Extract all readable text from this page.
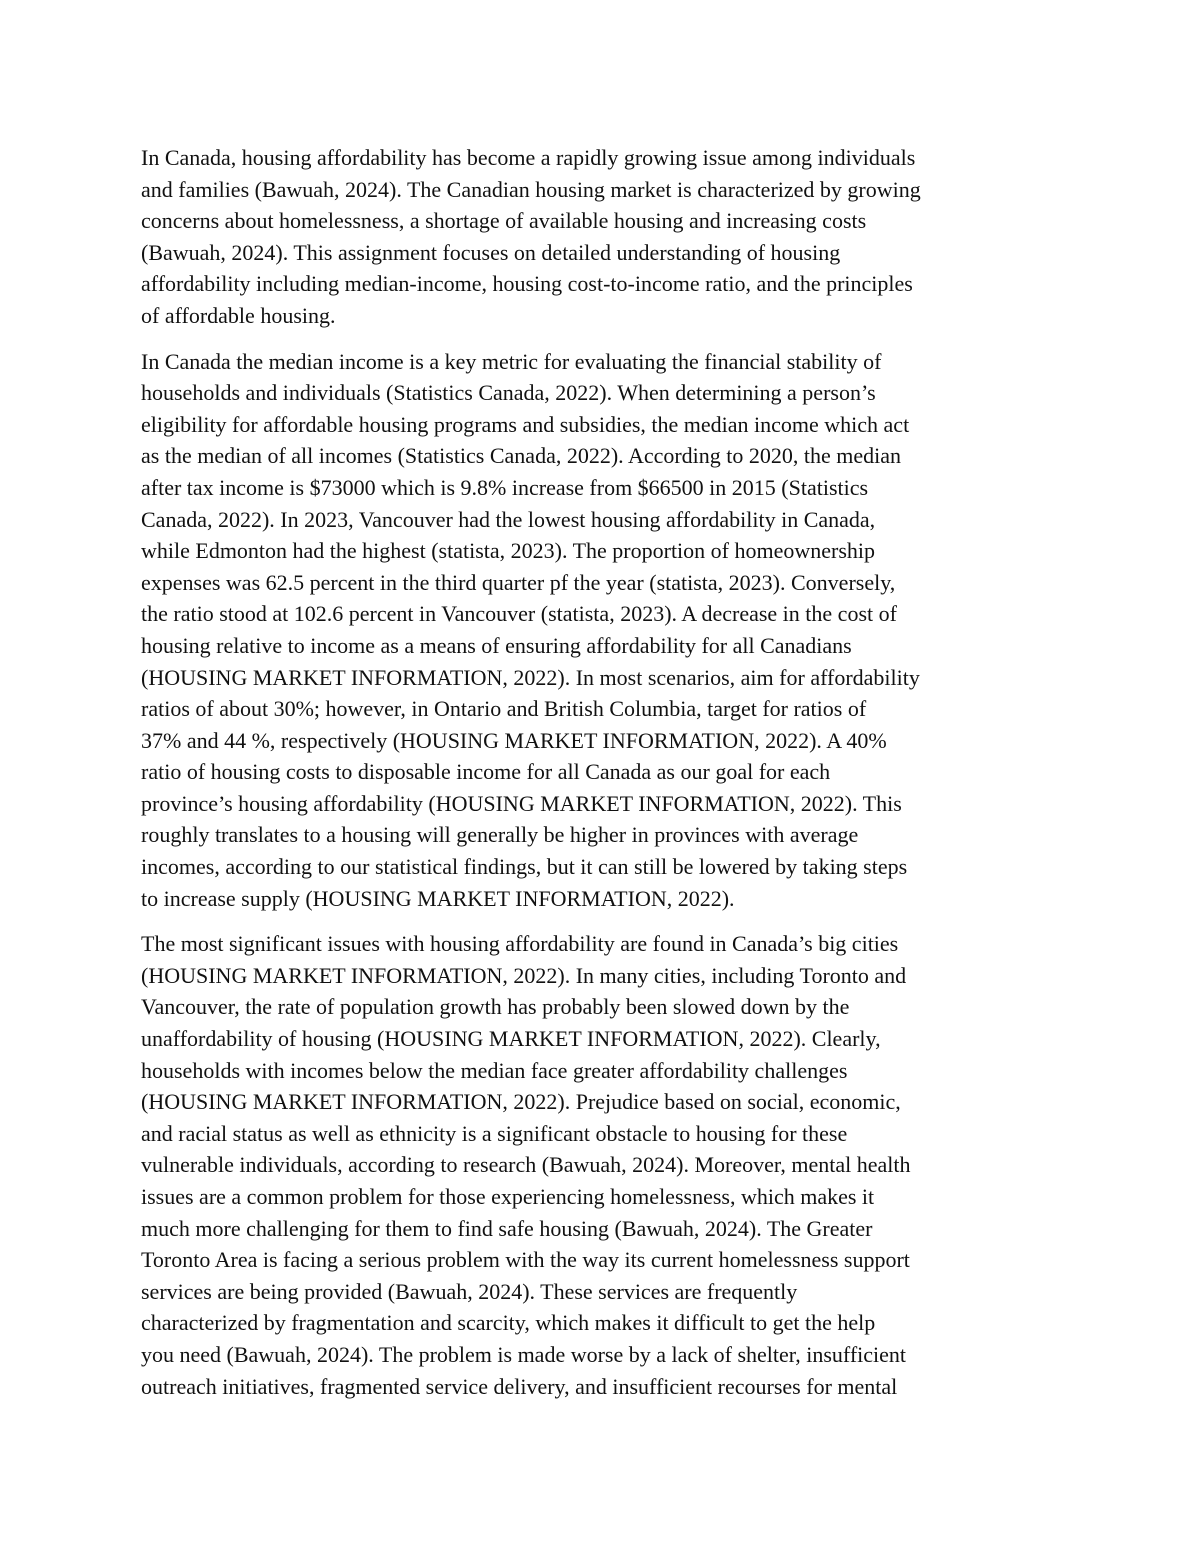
In Canada, housing affordability has become a rapidly growing issue among individuals
and families (Bawuah, 2024). The Canadian housing market is characterized by growing
concerns about homelessness, a shortage of available housing and increasing costs
(Bawuah, 2024). This assignment focuses on detailed understanding of housing
affordability including median-income, housing cost-to-income ratio, and the principles
of affordable housing.

In Canada the median income is a key metric for evaluating the financial stability of
households and individuals (Statistics Canada, 2022). When determining a person’s
eligibility for affordable housing programs and subsidies, the median income which act
as the median of all incomes (Statistics Canada, 2022). According to 2020, the median
after tax income is $73000 which is 9.8% increase from $66500 in 2015 (Statistics
Canada, 2022). In 2023, Vancouver had the lowest housing affordability in Canada,
while Edmonton had the highest (statista, 2023). The proportion of homeownership
expenses was 62.5 percent in the third quarter pf the year (statista, 2023). Conversely,
the ratio stood at 102.6 percent in Vancouver (statista, 2023). A decrease in the cost of
housing relative to income as a means of ensuring affordability for all Canadians
(HOUSING MARKET INFORMATION, 2022). In most scenarios, aim for affordability
ratios of about 30%; however, in Ontario and British Columbia, target for ratios of
37% and 44 %, respectively (HOUSING MARKET INFORMATION, 2022). A 40%
ratio of housing costs to disposable income for all Canada as our goal for each
province’s housing affordability (HOUSING MARKET INFORMATION, 2022). This
roughly translates to a housing will generally be higher in provinces with average
incomes, according to our statistical findings, but it can still be lowered by taking steps
to increase supply (HOUSING MARKET INFORMATION, 2022).

The most significant issues with housing affordability are found in Canada’s big cities
(HOUSING MARKET INFORMATION, 2022). In many cities, including Toronto and
Vancouver, the rate of population growth has probably been slowed down by the
unaffordability of housing (HOUSING MARKET INFORMATION, 2022). Clearly,
households with incomes below the median face greater affordability challenges
(HOUSING MARKET INFORMATION, 2022). Prejudice based on social, economic,
and racial status as well as ethnicity is a significant obstacle to housing for these
vulnerable individuals, according to research (Bawuah, 2024). Moreover, mental health
issues are a common problem for those experiencing homelessness, which makes it
much more challenging for them to find safe housing (Bawuah, 2024). The Greater
Toronto Area is facing a serious problem with the way its current homelessness support
services are being provided (Bawuah, 2024). These services are frequently
characterized by fragmentation and scarcity, which makes it difficult to get the help
you need (Bawuah, 2024). The problem is made worse by a lack of shelter, insufficient
outreach initiatives, fragmented service delivery, and insufficient recourses for mental
